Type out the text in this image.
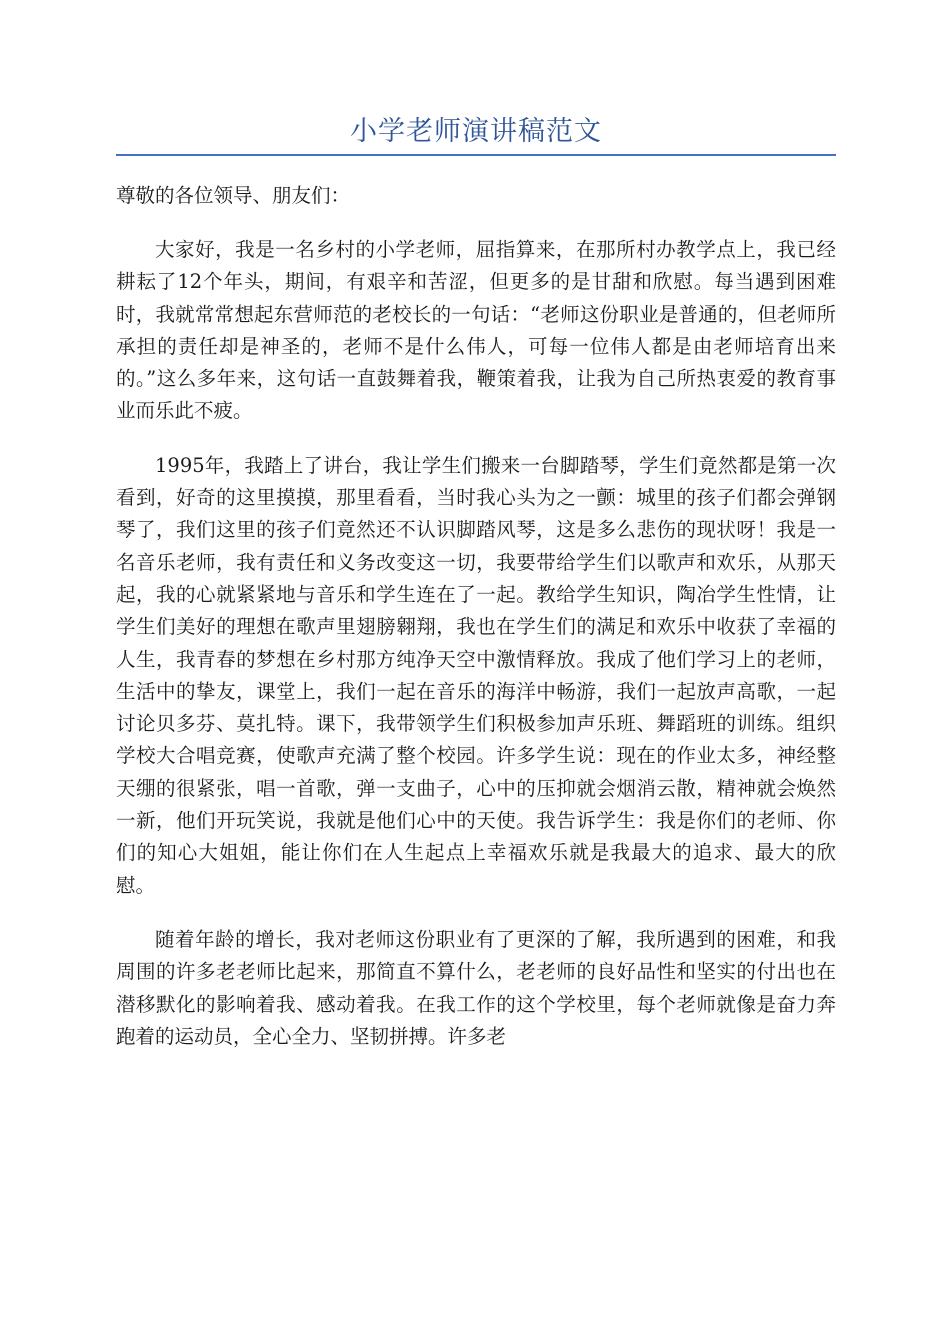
小学老师演讲稿范文

尊敬的各位领导、朋友们：

大家好，我是一名乡村的小学老师，屈指算来，在那所村办教学点上，我已经耕耘了12个年头，期间，有艰辛和苦涩，但更多的是甘甜和欣慰。每当遇到困难时，我就常常想起东营师范的老校长的一句话：“老师这份职业是普通的，但老师所承担的责任却是神圣的，老师不是什么伟人，可每一位伟人都是由老师培育出来的。”这么多年来，这句话一直鼓舞着我，鞭策着我，让我为自己所热衷爱的教育事业而乐此不疲。

1995年，我踏上了讲台，我让学生们搬来一台脚踏琴，学生们竟然都是第一次看到，好奇的这里摸摸，那里看看，当时我心头为之一颤：城里的孩子们都会弹钢琴了，我们这里的孩子们竟然还不认识脚踏风琴，这是多么悲伤的现状呀！我是一名音乐老师，我有责任和义务改变这一切，我要带给学生们以歌声和欢乐，从那天起，我的心就紧紧地与音乐和学生连在了一起。教给学生知识，陶冶学生性情，让学生们美好的理想在歌声里翅膀翱翔，我也在学生们的满足和欢乐中收获了幸福的人生，我青春的梦想在乡村那方纯净天空中激情释放。我成了他们学习上的老师，生活中的挚友，课堂上，我们一起在音乐的海洋中畅游，我们一起放声高歌，一起讨论贝多芬、莫扎特。课下，我带领学生们积极参加声乐班、舞蹈班的训练。组织学校大合唱竞赛，使歌声充满了整个校园。许多学生说：现在的作业太多，神经整天绷的很紧张，唱一首歌，弹一支曲子，心中的压抑就会烟消云散，精神就会焕然一新，他们开玩笑说，我就是他们心中的天使。我告诉学生：我是你们的老师、你们的知心大姐姐，能让你们在人生起点上幸福欢乐就是我最大的追求、最大的欣慰。

随着年龄的增长，我对老师这份职业有了更深的了解，我所遇到的困难，和我周围的许多老老师比起来，那简直不算什么，老老师的良好品性和坚实的付出也在潜移默化的影响着我、感动着我。在我工作的这个学校里，每个老师就像是奋力奔跑着的运动员，全心全力、坚韧拼搏。许多老
